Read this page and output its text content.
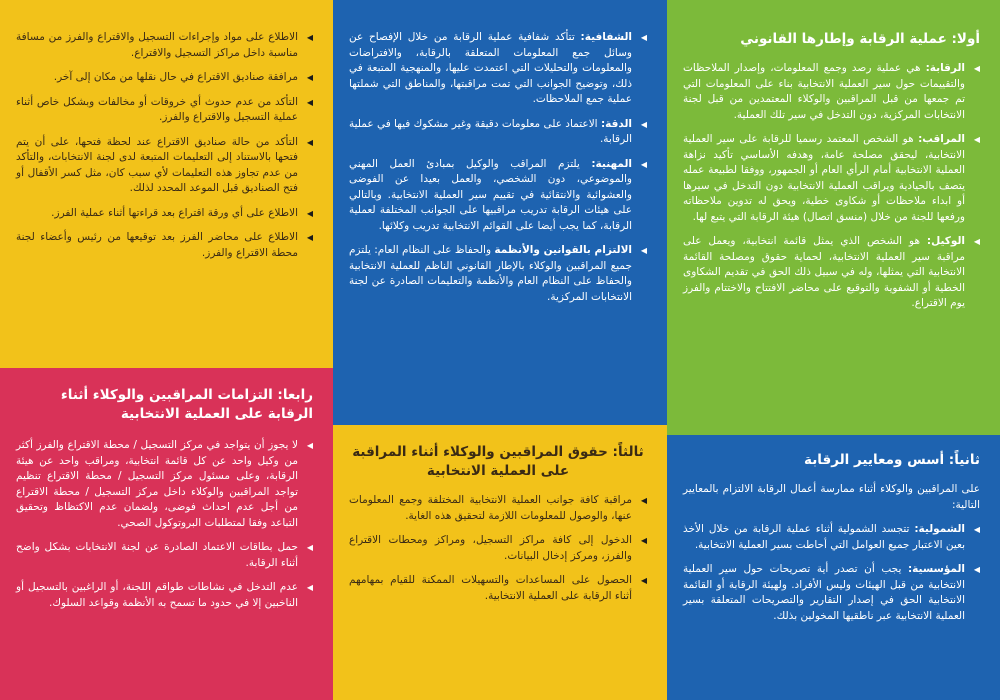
أولا: عملية الرقابة وإطارها القانوني
◀ الرقابة: هي عملية رصد وجمع المعلومات، وإصدار الملاحظات والتقييمات حول سير العملية الانتخابية بناء على المعلومات التي تم جمعها من قبل المراقبين والوكلاء المعتمدين من قبل لجنة الانتخابات المركزية، دون التدخل في سير تلك العملية.
◀ المراقب: هو الشخص المعتمد رسميا للرقابة على سير العملية الانتخابية، ليحقق مصلحة عامة، وهدفه الأساسي تأكيد نزاهة العملية الانتخابية أمام الرأي العام أو الجمهور، ووفقا لطبيعة عمله يتصف بالحيادية ويراقب العملية الانتخابية دون التدخل في سيرها أو ابداء ملاحظات أو شكاوى خطية، ويحق له تدوين ملاحظاته ورفعها للجنة من خلال (منسق اتصال) هيئة الرقابة التي يتبع لها.
◀ الوكيل: هو الشخص الذي يمثل قائمة انتخابية، ويعمل على مراقبة سير العملية الانتخابية، لحماية حقوق ومصلحة القائمة الانتخابية التي يمثلها، وله في سبيل ذلك الحق في تقديم الشكاوى الخطية أو الشفوية والتوقيع على محاضر الافتتاح والاختتام والفرز يوم الاقتراع.
ثانياً: أسس ومعايير الرقابة

على المراقبين والوكلاء أثناء ممارسة أعمال الرقابة الالتزام بالمعايير التالية:

◀ الشمولية: تتجسد الشمولية أثناء عملية الرقابة من خلال الأخذ بعين الاعتبار جميع العوامل التي أحاطت بسير العملية الانتخابية.
◀ المؤسسية: يجب أن تصدر أية تصريحات حول سير العملية الانتخابية من قبل الهيئات وليس الأفراد. ولهيئة الرقابة أو القائمة الانتخابية الحق في إصدار التقارير والتصريحات المتعلقة بسير العملية الانتخابية عبر ناطقيها المخولين بذلك.
◀ الشفافية: تتأكد شفافية عملية الرقابة من خلال الإفصاح عن وسائل جمع المعلومات المتعلقة بالرقابة، والافتراضات والمعلومات والتحليلات التي اعتمدت عليها، والمنهجية المتبعة في ذلك، وتوضيح الجوانب التي تمت مراقبتها، والمناطق التي شملتها عملية جمع الملاحظات.
◀ الدقة: الاعتماد على معلومات دقيقة وغير مشكوك فيها في عملية الرقابة.
◀ المهنية: يلتزم المراقب والوكيل بمبادئ العمل المهني والموضوعي، دون الشخصي، والعمل بعيدا عن الفوضى والعشوائية والانتقائية في تقييم سير العملية الانتخابية. وبالتالي على هيئات الرقابة تدريب مراقبيها على الجوانب المختلفة لعملية الرقابة، كما يجب أيضا على القوائم الانتخابية تدريب وكلائها.
◀ الالتزام بالقوانين والأنظمة والحفاظ على النظام العام: يلتزم جميع المراقبين والوكلاء بالإطار القانوني الناظم للعملية الانتخابية والحفاظ على النظام العام والأنظمة والتعليمات الصادرة عن لجنة الانتخابات المركزية.
ثالثاً: حقوق المراقبين والوكلاء أثناء المراقبة على العملية الانتخابية
◀ مراقبة كافة جوانب العملية الانتخابية المختلفة وجمع المعلومات عنها، والوصول للمعلومات اللازمة لتحقيق هذه الغاية.
◀ الدخول إلى كافة مراكز التسجيل، ومراكز ومحطات الاقتراع والفرز، ومركز إدخال البيانات.
◀ الحصول على المساعدات والتسهيلات الممكنة للقيام بمهامهم أثناء الرقابة على العملية الانتخابية.
◀ الاطلاع على مواد وإجراءات التسجيل والاقتراع والفرز من مسافة مناسبة داخل مراكز التسجيل والاقتراع.
◀ مرافقة صناديق الاقتراع في حال نقلها من مكان إلى آخر.
◀ التأكد من عدم حدوث أي خروقات أو مخالفات وبشكل خاص أثناء عملية التسجيل والاقتراع والفرز.
◀ التأكد من حالة صناديق الاقتراع عند لحظة فتحها، على أن يتم فتحها بالاستناد إلى التعليمات المتبعة لدى لجنة الانتخابات، والتأكد من عدم تجاوز هذه التعليمات لأي سبب كان، مثل كسر الأقفال أو فتح الصناديق قبل الموعد المحدد لذلك.
◀ الاطلاع على أي ورقة اقتراع بعد قراءتها أثناء عملية الفرز.
◀ الاطلاع على محاضر الفرز بعد توقيعها من رئيس وأعضاء لجنة محطة الاقتراع والفرز.
رابعا: التزامات المراقبين والوكلاء أثناء الرقابة على العملية الانتخابية
◀ لا يجوز أن يتواجد في مركز التسجيل / محطة الاقتراع والفرز أكثر من وكيل واحد عن كل قائمة انتخابية، ومراقب واحد عن هيئة الرقابة، وعلى مسئول مركز التسجيل / محطة الاقتراع تنظيم تواجد المراقبين والوكلاء داخل مركز التسجيل / محطة الاقتراع من أجل عدم احداث فوضى، ولضمان عدم الاكتظاظ وتحقيق التباعد وفقا لمتطلبات البروتوكول الصحي.
◀ حمل بطاقات الاعتماد الصادرة عن لجنة الانتخابات بشكل واضح أثناء الرقابة.
◀ عدم التدخل في نشاطات طواقم اللجنة، أو الراغبين بالتسجيل أو الناخبين إلا في حدود ما تسمح به الأنظمة وقواعد السلوك.
